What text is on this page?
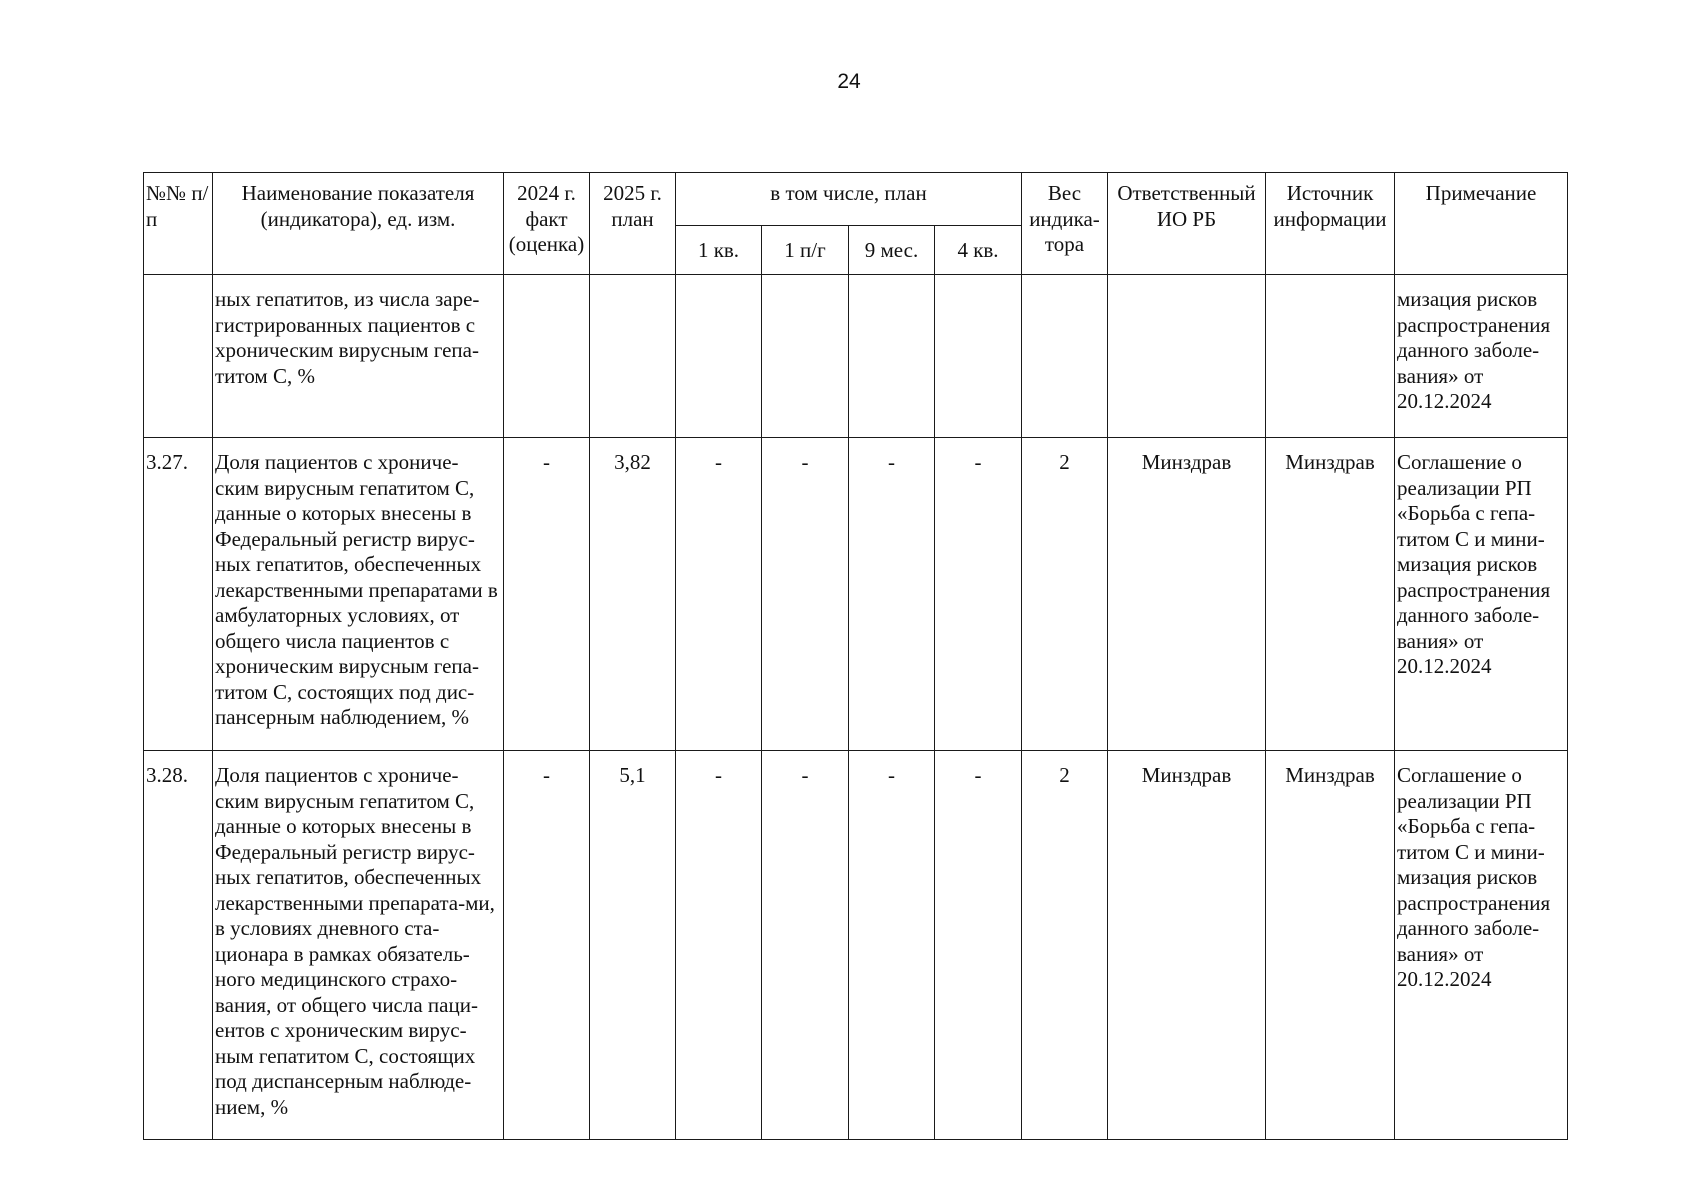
24
№№ п/п	Наименование показателя (индикатора), ед. изм.	2024 г. факт (оценка)	2025 г. план	в том числе, план				Вес индика-тора	Ответственный ИО РБ	Источник информации	Примечание
				1 кв.	1 п/г	9 мес.	4 кв.				
	ных гепатитов, из числа заре-гистрированных пациентов с хроническим вирусным гепа-титом С, %										мизация рисков распространения данного заболе-вания» от 20.12.2024
3.27.	Доля пациентов с хрониче-ским вирусным гепатитом С, данные о которых внесены в Федеральный регистр вирус-ных гепатитов, обеспеченных лекарственными препаратами в амбулаторных условиях, от общего числа пациентов с хроническим вирусным гепа-титом С, состоящих под дис-пансерным наблюдением, %	-	3,82	-	-	-	-	2	Минздрав	Минздрав	Соглашение о реализации РП «Борьба с гепа-титом С и мини-мизация рисков распространения данного заболе-вания» от 20.12.2024
3.28.	Доля пациентов с хрониче-ским вирусным гепатитом С, данные о которых внесены в Федеральный регистр вирус-ных гепатитов, обеспеченных лекарственными препарата-ми, в условиях дневного ста-ционара в рамках обязатель-ного медицинского страхо-вания, от общего числа паци-ентов с хроническим вирус-ным гепатитом С, состоящих под диспансерным наблюде-нием, %	-	5,1	-	-	-	-	2	Минздрав	Минздрав	Соглашение о реализации РП «Борьба с гепа-титом С и мини-мизация рисков распространения данного заболе-вания» от 20.12.2024
